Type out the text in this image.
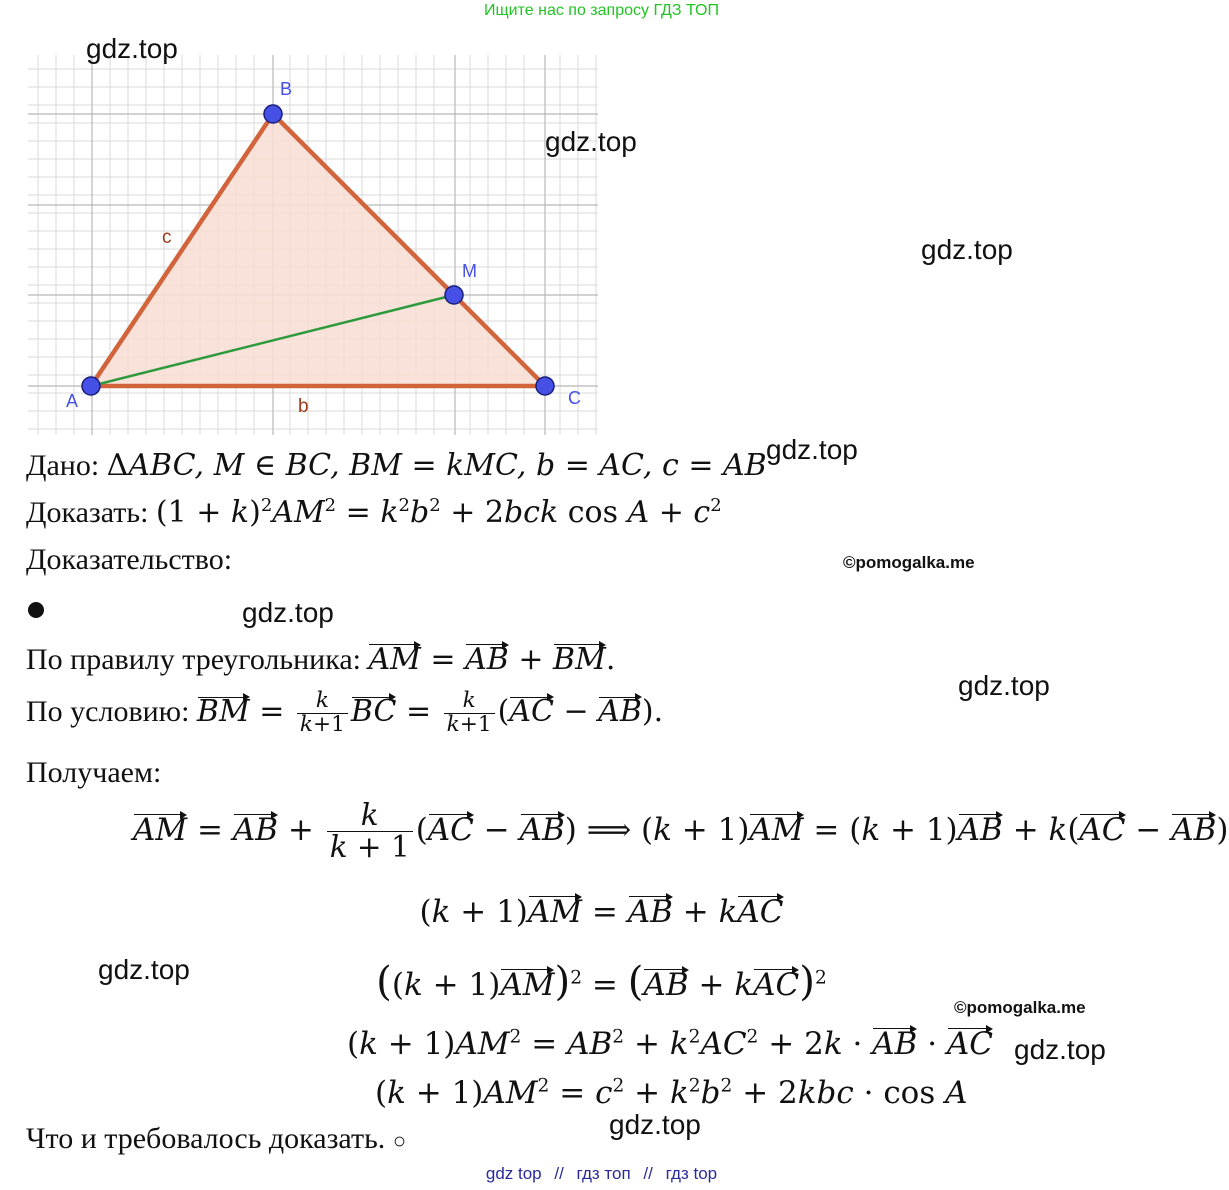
Ищите нас по запросу ГДЗ ТОП
A
B
C
M
c
b
gdz.top
gdz.top
gdz.top
gdz.top
gdz.top
gdz.top
gdz.top
gdz.top
gdz.top
©pomogalka.me
©pomogalka.me
Дано: ΔABC, M ∈ BC, BM = kMC, b = AC, c = AB
Доказать: $(1 + k)^2AM^2 = k^2b^2 + 2bck$ $\cos A + c^2$
Доказательство:
По правилу треугольника: AM = AB + BM.
По условию: BM = $\frac{k}{k+1}$ BC = $\frac{k}{k+1} (AC - AB)$.
Получаем:
AM = AB + $\frac{k}{k + 1} (AC - AB)$ ⟹ (k + 1)AM = (k + 1)AB + k(AC − AB)
(k + 1)AM = AB + kAC
$((k + 1)AM)^2 = (AB + kAC)^2$
$(k + 1)AM^2 = AB^2 + k^2AC^2 + 2k$ · AB · AC
$(k + 1)AM^2 = c^2 + k^2b^2 + 2kbc \cdot \cos A$
Что и требовалось доказать. ○
gdz top // гдз топ // гдз top
